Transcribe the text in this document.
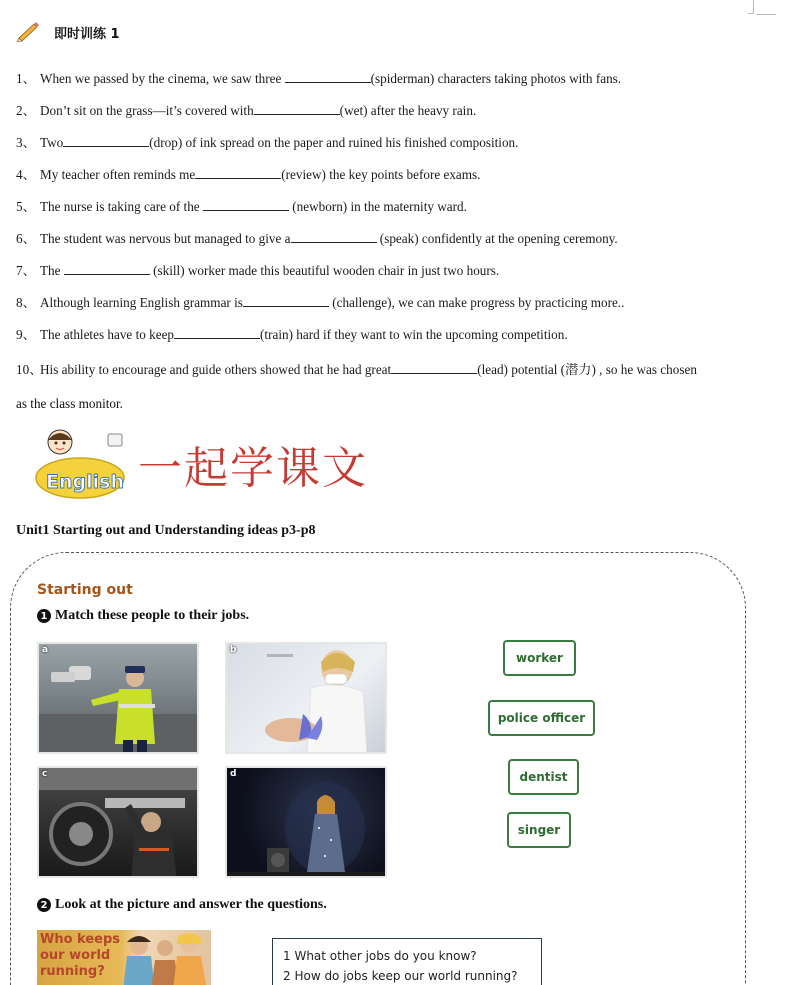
即时训练 1
1、 When we passed by the cinema, we saw three	(spiderman) characters taking photos with fans.
2、 Don’t sit on the grass—it’s covered with	(wet) after the heavy rain.
3、 Two	(drop) of ink spread on the paper and ruined his finished composition.
4、 My teacher often reminds me	(review) the key points before exams.
5、 The nurse is taking care of the	(newborn) in the maternity ward.
6、 The student was nervous but managed to give a	(speak) confidently at the opening ceremony.
7、 The	(skill) worker made this beautiful wooden chair in just two hours.
8、 Although learning English grammar is	(challenge), we can make progress by practicing more..
9、 The athletes have to keep	(train) hard if they want to win the upcoming competition.
10、His ability to encourage and guide others showed that he had great	(lead) potential (潜力) , so he was chosen
as the class monitor.
English 一起学课文
Unit1 Starting out and Understanding ideas p3-p8
Starting out
1 Match these people to their jobs.
a	b
c	d
worker
police officer
dentist
singer
2 Look at the picture and answer the questions.
Who keeps our world running?
1 What other jobs do you know?
2 How do jobs keep our world running?
